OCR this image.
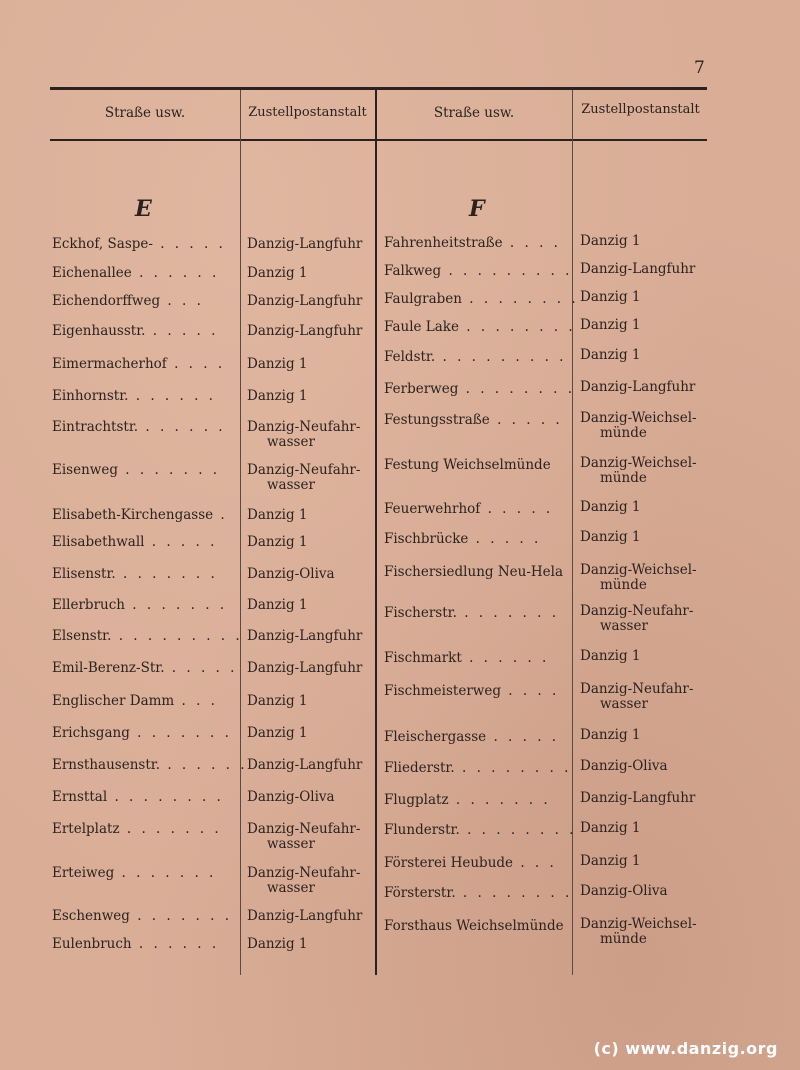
7
Straße usw.	Zustellpostanstalt	Straße usw.	Zustellpostanstalt
E	F
Eckhof, Saspe- . . . . .	Danzig-Langfuhr
Eichenallee . . . . . .	Danzig 1
Eichendorffweg . . .	Danzig-Langfuhr
Eigenhausstr. . . . . .	Danzig-Langfuhr
Eimermacherhof . . . .	Danzig 1
Einhornstr. . . . . . .	Danzig 1
Eintrachtstr. . . . . . .	Danzig-Neufahr-
wasser
Eisenweg . . . . . . .	Danzig-Neufahr-
wasser
Elisabeth-Kirchengasse .	Danzig 1
Elisabethwall . . . . .	Danzig 1
Elisenstr. . . . . . . .	Danzig-Oliva
Ellerbruch . . . . . . .	Danzig 1
Elsenstr. . . . . . . . . . Danzig-Langfuhr
Emil-Berenz-Str. . . . . . Danzig-Langfuhr
Englischer Damm . . .	Danzig 1
Erichsgang . . . . . . .	Danzig 1
Ernsthausenstr. . . . . . . Danzig-Langfuhr
Ernsttal . . . . . . . .	Danzig-Oliva
Ertelplatz . . . . . . .	Danzig-Neufahr-
wasser
Erteiweg . . . . . . .	Danzig-Neufahr-
wasser
Eschenweg . . . . . . .	Danzig-Langfuhr
Eulenbruch . . . . . .	Danzig 1
Fahrenheitstraße . . . .	Danzig 1
Falkweg . . . . . . . . . Danzig-Langfuhr
Faulgraben . . . . . . . . Danzig 1
Faule Lake . . . . . . . . Danzig 1
Feldstr. . . . . . . . . . Danzig 1
Ferberweg . . . . . . . . Danzig-Langfuhr
Festungsstraße . . . . .	Danzig-Weichsel-
münde
Festung Weichselmünde	Danzig-Weichsel-
münde
Feuerwehrhof . . . . .	Danzig 1
Fischbrücke . . . . .	Danzig 1
Fischersiedlung Neu-Hela	Danzig-Weichsel-
münde
Fischerstr. . . . . . . .	Danzig-Neufahr-
wasser
Fischmarkt . . . . . .	Danzig 1
Fischmeisterweg . . . .	Danzig-Neufahr-
wasser
Fleischergasse . . . . .	Danzig 1
Fliederstr. . . . . . . . . Danzig-Oliva
Flugplatz . . . . . . .	Danzig-Langfuhr
Flunderstr. . . . . . . . . Danzig 1
Försterei Heubude . . .	Danzig 1
Försterstr. . . . . . . . . Danzig-Oliva
Forsthaus Weichselmünde	Danzig-Weichsel-
münde
(c) www.danzig.org
